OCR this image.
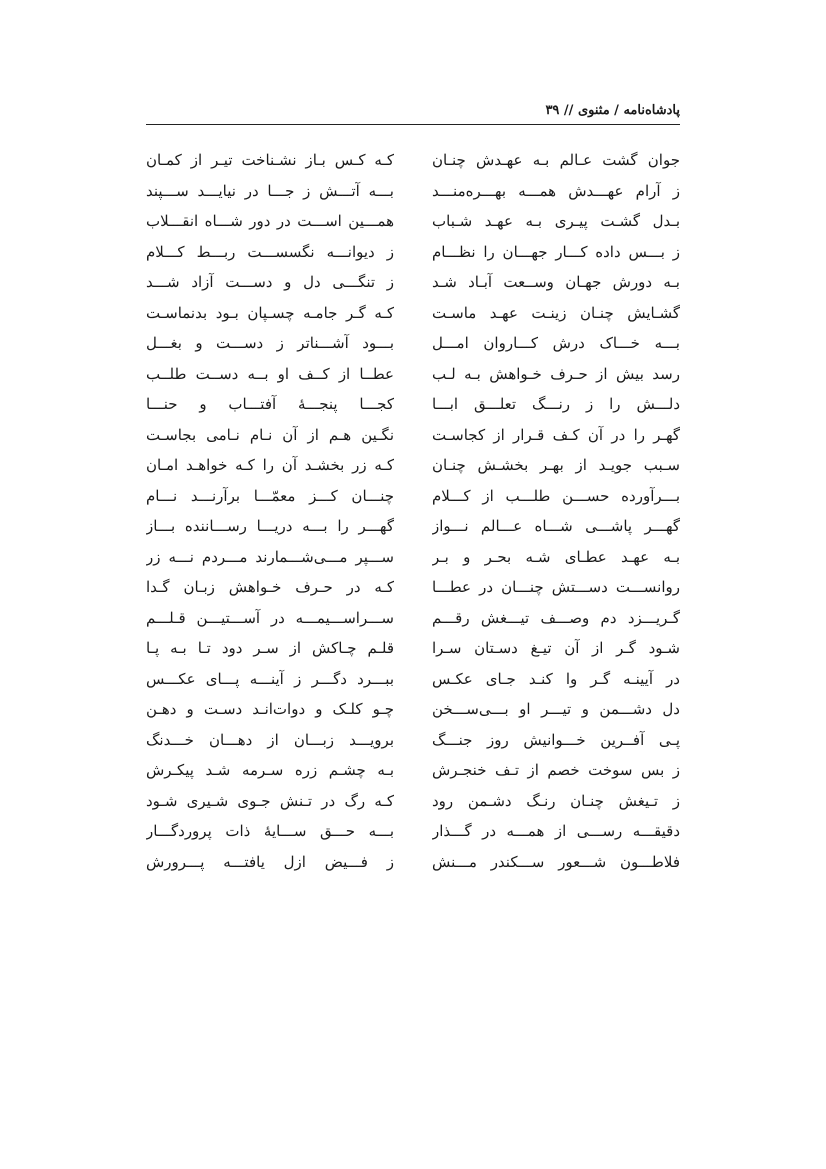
پادشاه‌نامه / مثنوی // ۳۹
جوان گشت عـالم بـه عهـدش چنـان
کـه کـس بـاز نشـناخت تیـر از کمـان
ز آرام عهـــدش همـــه بهـــره‌منـــد
بـــه آتـــش ز جـــا در نیایـــد ســـپند
بـدل گشـت پیـری بـه عهـد شـباب
همـــین اســـت در دور شـــاه انقـــلاب
ز بـــس داده کـــار جهـــان را نظـــام
ز دیوانـــه نگسســـت ربـــط کـــلام
بـه دورش جهـان وســعت آبـاد شـد
ز تنگـــی دل و دســـت آزاد شـــد
گشـایش چنـان زینـت عهـد ماسـت
کـه گـر جامـه چسـپان بـود بدنماسـت
بـــه خـــاک درش کـــاروان امـــل
بـــود آشـــناتر ز دســـت و بغـــل
رسد بیش از حـرف خـواهش بـه لـب
عطــا از کــف او بــه دســت طلــب
دلـــش را ز رنـــگ تعلـــق ابـــا
کجـــا پنجـــهٔ آفتـــاب و حنـــا
گهـر را در آن کـف قـرار از کجاسـت
نگـین هـم از آن نـام نـامی بجاسـت
سـبب جویـد از بهـر بخشـش چنـان
کـه زر بخشـد آن را کـه خواهـد امـان
بـــرآورده حســـن طلـــب از کـــلام
چنـــان کـــز معمّـــا برآرنـــد نـــام
گهـــر پاشـــی شـــاه عـــالم نـــواز
گهـــر را بـــه دریـــا رســـاننده بـــاز
بـه عهـد عطـای شـه بحـر و بـر
ســـپر مـــی‌شـــمارند مـــردم نـــه زر
روانســـت دســـتش چنـــان در عطـــا
کـه در حـرف خـواهش زبـان گـدا
گـریـــزد دم وصـــف تیـــغش رقـــم
ســـراســـیمـــه در آســـتیـــن قـلـــم
شـود گـر از آن تیـغ دسـتان سـرا
قلـم چـاکش از سـر دود تـا بـه پـا
در آیینـه گـر وا کنـد جـای عکـس
ببـــرد دگـــر ز آینـــه پـــای عکـــس
دل دشـــمن و تیـــر او بـــی‌ســـخن
چـو کلـک و دوات‌انـد دسـت و دهـن
پـی آفــرین خـــوانیش روز جنـــگ
برویـــد زبـــان از دهـــان خـــدنگ
ز بس سوخت خصم از تـف خنجـرش
بـه چشـم زره سـرمه شـد پیکـرش
ز تـیغش چنـان رنـگ دشـمن رود
کـه رگ در تـنش جـوی شـیری شـود
دقیقـــه رســـی از همـــه در گـــذار
بـــه حـــق ســـایهٔ ذات پروردگـــار
فلاطـــون شـــعور ســـکندر مـــنش
ز فـــیض ازل یافتـــه پـــرورش
